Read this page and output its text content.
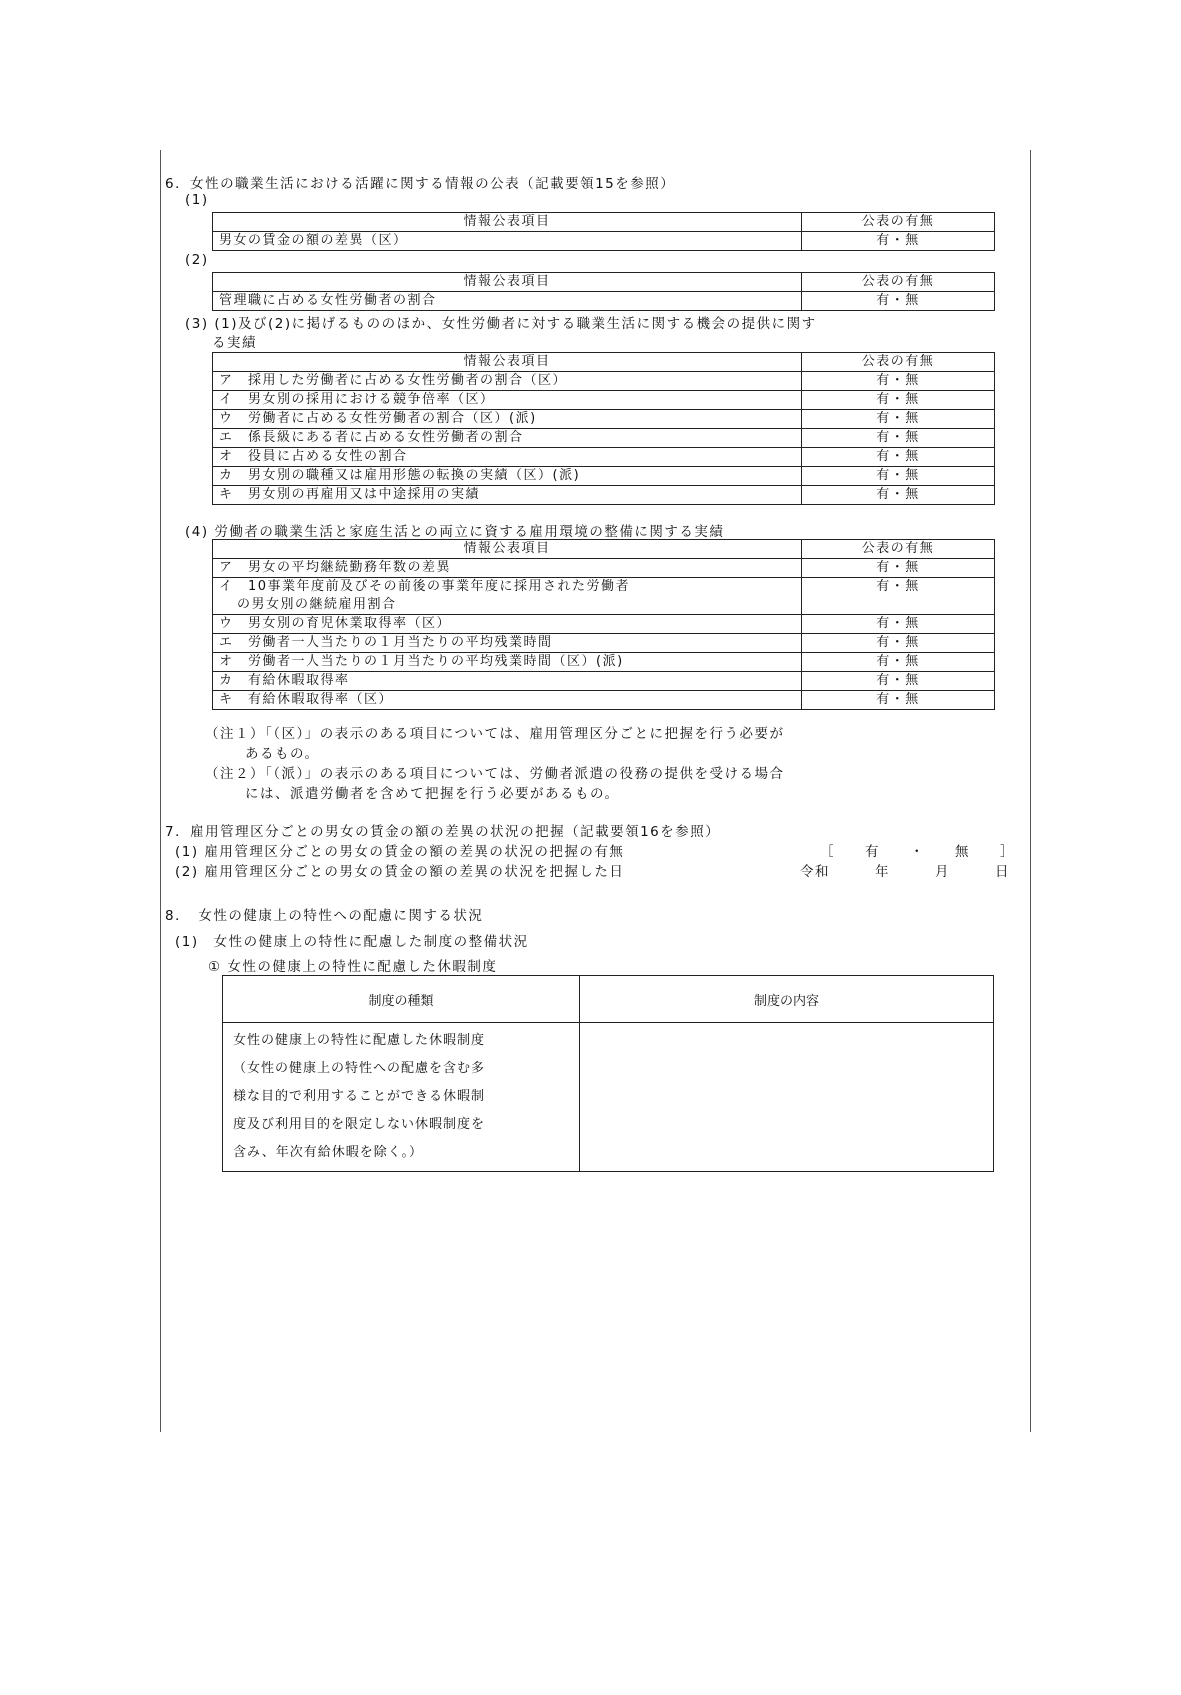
6．女性の職業生活における活躍に関する情報の公表（記載要領15を参照）
(1)
情報公表項目	公表の有無
男女の賃金の額の差異（区）	有・無
(2)
情報公表項目	公表の有無
管理職に占める女性労働者の割合	有・無
(3) (1)及び(2)に掲げるもののほか、女性労働者に対する職業生活に関する機会の提供に関す
る実績
情報公表項目	公表の有無
ア　採用した労働者に占める女性労働者の割合（区）	有・無
イ　男女別の採用における競争倍率（区）	有・無
ウ　労働者に占める女性労働者の割合（区）(派)	有・無
エ　係長級にある者に占める女性労働者の割合	有・無
オ　役員に占める女性の割合	有・無
カ　男女別の職種又は雇用形態の転換の実績（区）(派)	有・無
キ　男女別の再雇用又は中途採用の実績	有・無
(4) 労働者の職業生活と家庭生活との両立に資する雇用環境の整備に関する実績
情報公表項目	公表の有無
ア　男女の平均継続勤務年数の差異	有・無

イ　10事業年度前及びその前後の事業年度に採用された労働者
の男女別の継続雇用割合	有・無
ウ　男女別の育児休業取得率（区）	有・無
エ　労働者一人当たりの１月当たりの平均残業時間	有・無
オ　労働者一人当たりの１月当たりの平均残業時間（区）(派)	有・無
カ　有給休暇取得率	有・無
キ　有給休暇取得率（区）	有・無
（注１）「（区）」の表示のある項目については、雇用管理区分ごとに把握を行う必要が
あるもの。
（注２）「（派）」の表示のある項目については、労働者派遣の役務の提供を受ける場合
には、派遣労働者を含めて把握を行う必要があるもの。
7．雇用管理区分ごとの男女の賃金の額の差異の状況の把握（記載要領16を参照）
(1) 雇用管理区分ごとの男女の賃金の額の差異の状況の把握の有無	［　　有　　・　　無　　］
(2) 雇用管理区分ごとの男女の賃金の額の差異の状況を把握した日	令和　　　年　　　月　　　日
8．　女性の健康上の特性への配慮に関する状況
(1)　女性の健康上の特性に配慮した制度の整備状況
① 女性の健康上の特性に配慮した休暇制度
制度の種類	制度の内容

女性の健康上の特性に配慮した休暇制度
（女性の健康上の特性への配慮を含む多
様な目的で利用することができる休暇制
度及び利用目的を限定しない休暇制度を
含み、年次有給休暇を除く。）	
